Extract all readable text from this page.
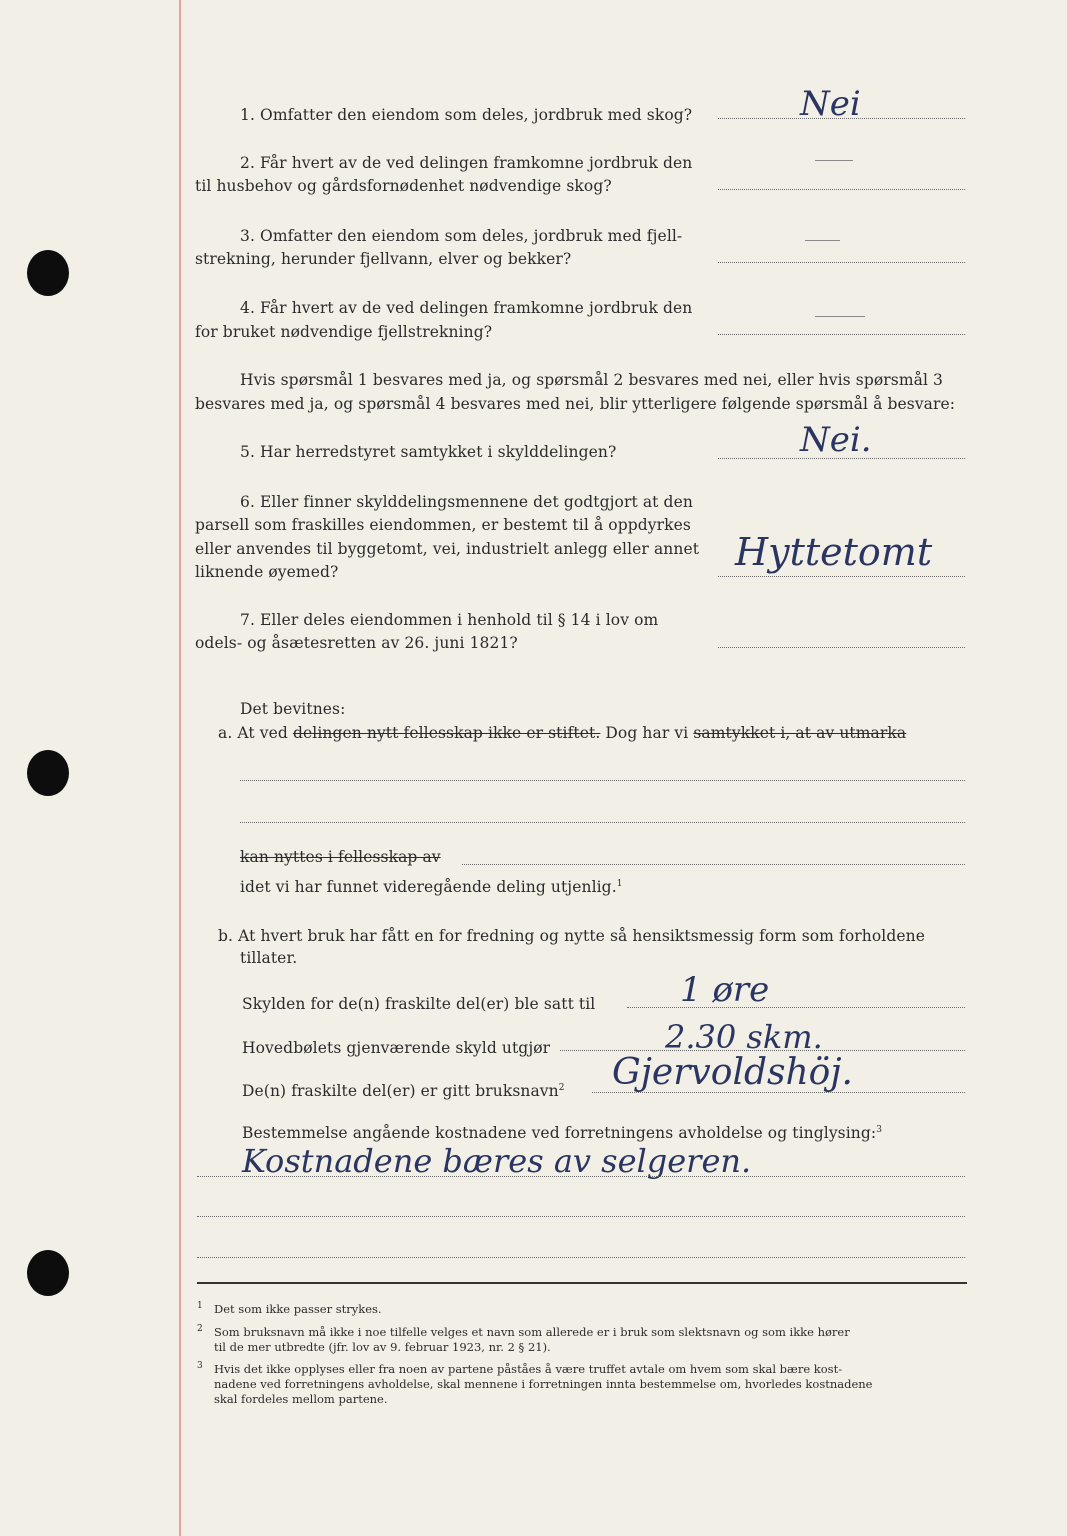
1. Omfatter den eiendom som deles, jordbruk med skog?	Nei
2. Får hvert av de ved delingen framkomne jordbruk den
til husbehov og gårdsfornødenhet nødvendige skog?
3. Omfatter den eiendom som deles, jordbruk med fjell-
strekning, herunder fjellvann, elver og bekker?
4. Får hvert av de ved delingen framkomne jordbruk den
for bruket nødvendige fjellstrekning?
Hvis spørsmål 1 besvares med ja, og spørsmål 2 besvares med nei, eller hvis spørsmål 3
besvares med ja, og spørsmål 4 besvares med nei, blir ytterligere følgende spørsmål å besvare:
5. Har herredstyret samtykket i skylddelingen?	Nei.
6. Eller finner skylddelingsmennene det godtgjort at den
parsell som fraskilles eiendommen, er bestemt til å oppdyrkes
eller anvendes til byggetomt, vei, industrielt anlegg eller annet
liknende øyemed?	Hyttetomt
7. Eller deles eiendommen i henhold til § 14 i lov om
odels- og åsætesretten av 26. juni 1821?
Det bevitnes:
a. At ved delingen nytt fellesskap ikke er stiftet. Dog har vi samtykket i, at av utmarka
kan nyttes i fellesskap av
idet vi har funnet videregående deling utjenlig.$^1$
b. At hvert bruk har fått en for fredning og nytte så hensiktsmessig form som forholdene
tillater.
Skylden for de(n) fraskilte del(er) ble satt til 1 øre
Hovedbølets gjenværende skyld utgjør	2.30 skm.
De(n) fraskilte del(er) er gitt bruksnavn$^2$ Gjervoldshöj.
Bestemmelse angående kostnadene ved forretningens avholdelse og tinglysing:$^3$
Kostnadene bæres av selgeren.
1 Det som ikke passer strykes.
2 Som bruksnavn må ikke i noe tilfelle velges et navn som allerede er i bruk som slektsnavn og som ikke hører
til de mer utbredte (jfr. lov av 9. februar 1923, nr. 2 § 21).
3 Hvis det ikke opplyses eller fra noen av partene påståes å være truffet avtale om hvem som skal bære kost-
nadene ved forretningens avholdelse, skal mennene i forretningen innta bestemmelse om, hvorledes kostnadene
skal fordeles mellom partene.
